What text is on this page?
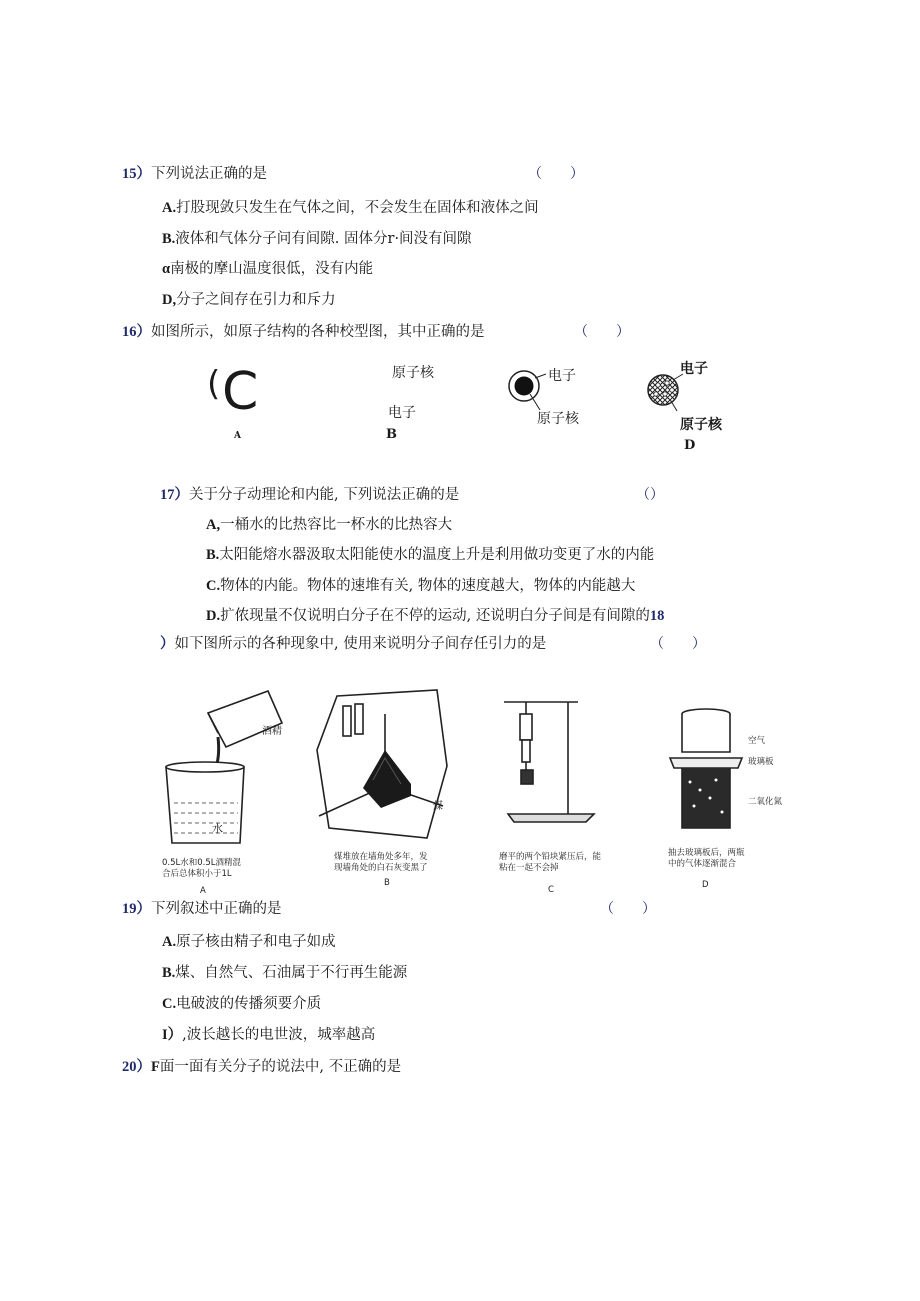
15）下列说法正确的是	（　　）
A.打股现敛只发生在气体之间，不会发生在固体和液体之间
B.液体和气体分子问有间隙. 固体分r·间没有间隙
α南极的摩山温度很低，没有内能
D,分子之间存在引力和斥力
16）如图所示，如原子结构的各种校型图，其中正确的是	（　　）
( C
A
原子核
电子
B
电子
原子核
电子
原子核
D
17）关于分子动理论和内能, 下列说法正确的是	（）
A,一桶水的比热容比一杯水的比热容大
B.太阳能熔水器汲取太阳能使水的温度上升是利用做功变更了水的内能
C.物体的内能。物体的速堆有关, 物体的速度越大，物体的内能越大
D.扩侬现量不仅说明白分子在不停的运动, 还说明白分子间是有间隙的18
）如下图所示的各种现象中, 使用来说明分子间存任引力的是	（　　）
酒精
水
0.5L水和0.5L酒精混
合后总体积小于1L
A
煤
煤堆放在墙角处多年，发
现墙角处的白石灰变黑了
B
磨平的两个铅块紧压后，能
粘在一起不会掉
C
空气
玻璃板
二氧化氮
抽去玻璃板后，两瓶
中的气体逐渐混合
D
19）下列叙述中正确的是	（　　）
A.原子核由精子和电子如成
B.煤、自然气、石油属于不行再生能源
C.电破波的传播须要介质
I）,波长越长的电世波，城率越高
20）F面一面有关分子的说法中, 不正确的是
